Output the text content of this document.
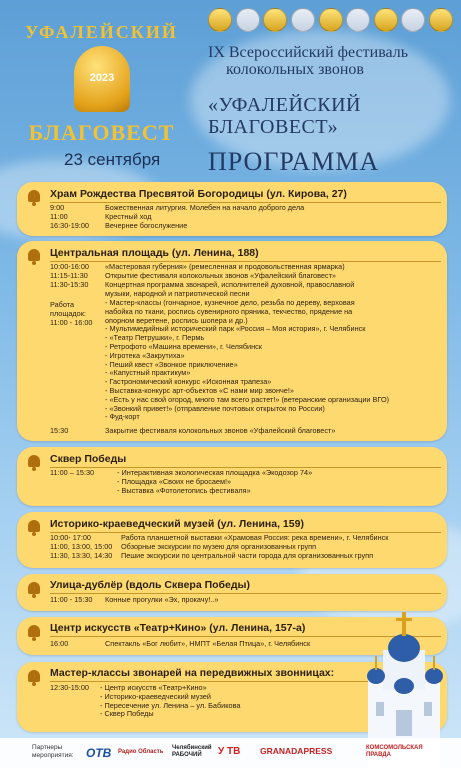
УФАЛЕЙСКИЙ
2023
БЛАГОВЕСТ
23 сентября
IX Всероссийский фестиваль
колокольных звонов
«УФАЛЕЙСКИЙ
БЛАГОВЕСТ»
ПРОГРАММА
Храм Рождества Пресвятой Богородицы (ул. Кирова, 27)
9:00	Божественная литургия. Молебен на начало доброго дела
11:00	Крестный ход
16:30-19:00 Вечернее богослужение
Центральная площадь (ул. Ленина, 188)
10:00-16:00 «Мастеровая губерния» (ремесленная и продовольственная ярмарка)
11:15-11:30 Открытие фестиваля колокольных звонов «Уфалейский благовест»
11:30-15:30 Концертная программа звонарей, исполнителей духовной, православной
музыки, народной и патриотической песни
Работа
площадок:
11:00 - 16:00
- Мастер-классы (гончарное, кузнечное дело, резьба по дереву, верховая
набойка по ткани, роспись сувенирного пряника, текчество, прядение на
опорном веретене, роспись шопера и др.)
- Мультимедийный исторический парк «Россия – Моя история», г. Челябинск
- «Театр Петрушки», г. Пермь
- Ретрофото «Машина времени», г. Челябинск
- Игротека «Закрутиха»
- Пеший квест «Звонкое приключение»
- «Капустный практикум»
- Гастрономический конкурс «Исконная трапеза»
- Выставка-конкурс арт-объектов «С нами мир звонче!»
- «Есть у нас свой огород, много там всего растет!» (ветеранские организации ВГО)
- «Звонкий привет!» (отправление почтовых открыток по России)
- Фуд-корт
15:30	Закрытие фестиваля колокольных звонов «Уфалейский благовест»
Сквер Победы
11:00 – 15:30	- Интерактивная экологическая площадка «Экодозор 74»
- Площадка «Своих не бросаем!»
- Выставка «Фотолетопись фестиваля»
Историко-краеведческий музей (ул. Ленина, 159)
10:00- 17:00	Работа планшетной выставки «Храмовая Россия: река времени», г. Челябинск
11:00, 13:00, 15:00 Обзорные экскурсии по музею для организованных групп
11:30, 13:30, 14:30 Пешие экскурсии по центральной части города для организованных групп
Улица-дублёр (вдоль Сквера Победы)
11:00 - 15:30 Конные прогулки «Эх, прокачу!..»
Центр искусств «Театр+Кино» (ул. Ленина, 157-а)
16:00	Спектакль «Бог любит», НМПТ «Белая Птица», г. Челябинск
Мастер-классы звонарей на передвижных звонницах:
12:30-15:00 - Центр искусств «Театр+Кино»
- Историко-краеведческий музей
- Пересечение ул. Ленина – ул. Бабикова
- Сквер Победы
Партнеры мероприятия: ОТВ Радио Область
Челябинский РАБОЧИЙ У ТВ GRANADAPRESS	КОМСОМОЛЬСКАЯ ПРАВДА
